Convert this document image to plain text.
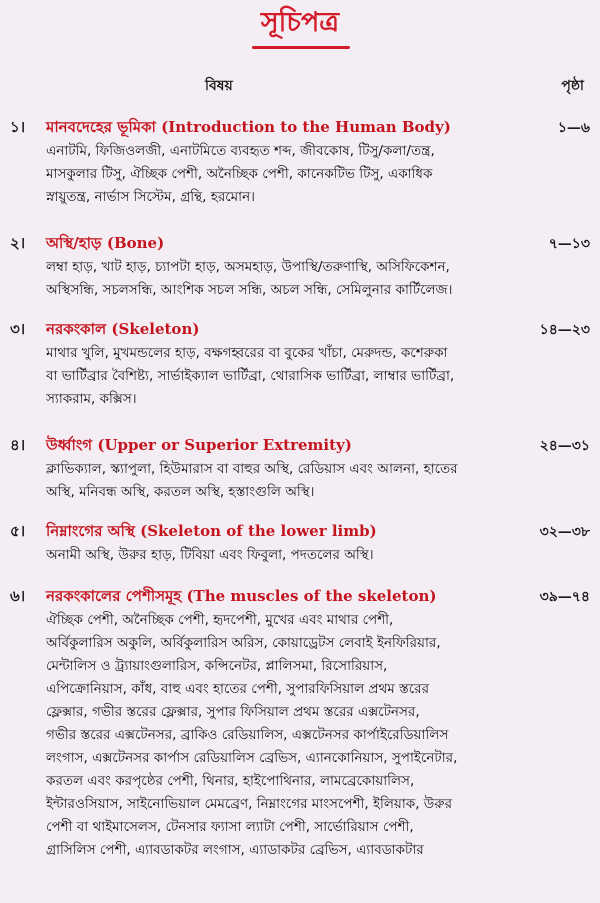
সূচিপত্র
বিষয়	পৃষ্ঠা
১।	মানবদেহের ভূমিকা (Introduction to the Human Body)	১—৬
এনাটমি, ফিজিওলজী, এনাটমিতে ব্যবহৃত শব্দ, জীবকোষ, টিসু/কলা/তন্ত্র,
মাসকুলার টিসু, ঐচ্ছিক পেশী, অনৈচ্ছিক পেশী, কানেকটিভ টিসু, একাধিক
স্নায়ুতন্ত্র, নার্ভাস সিস্টেম, গ্রন্থি, হরমোন।
২।	অস্থি/হাড় (Bone)	৭—১৩
লম্বা হাড়, খাট হাড়, চ্যাপটা হাড়, অসমহাড়, উপাস্থি/তরুণাস্থি, অসিফিকেশন,
অস্থিসন্ধি, সচলসন্ধি, আংশিক সচল সন্ধি, অচল সন্ধি, সেমিলুনার কার্টিলেজ।
৩।	নরকংকাল (Skeleton)	১৪—২৩
মাথার খুলি, মুখমন্ডলের হাড়, বক্ষগহ্বরের বা বুকের খাঁচা, মেরুদন্ড, কশেরুকা
বা ভার্টিব্রার বৈশিষ্ট্য, সার্ভাইক্যাল ভার্টিব্রা, থোরাসিক ভার্টিব্রা, লাম্বার ভার্টিব্রা,
স্যাকরাম, কক্সিস।
৪।	উর্ধ্বাংগ (Upper or Superior Extremity)	২৪—৩১
ক্লাভিক্যাল, স্ক্যাপুলা, হিউমারাস বা বাহুর অস্থি, রেডিয়াস এবং আলনা, হাতের
অস্থি, মনিবন্ধ অস্থি, করতল অস্থি, হস্তাংগুলি অস্থি।
৫।	নিম্নাংগের অস্থি (Skeleton of the lower limb)	৩২—৩৮
অনামী অস্থি, উরুর হাড়, টিবিয়া এবং ফিবুলা, পদতলের অস্থি।
৬।	নরকংকালের পেশীসমূহ (The muscles of the skeleton)	৩৯—৭৪
ঐচ্ছিক পেশী, অনৈচ্ছিক পেশী, হৃদপেশী, মুখের এবং মাথার পেশী,
অর্বিকুলারিস অকুলি, অর্বিকুলারিস অরিস, কোয়াড্রেটস লেবাই ইনফিরিয়ার,
মেন্টালিস ও ট্র্যায়াংগুলারিস, কন্সিনেটর, প্লালিসমা, রিসোরিয়াস,
এপিক্রোনিয়াস, কাঁধ, বাহু এবং হাতের পেশী, সুপারফিসিয়াল প্রথম স্তরের
ফ্লেক্সার, গভীর স্তরের ফ্লেক্সার, সুপার ফিসিয়াল প্রথম স্তরের এক্সটেনসর,
গভীর স্তরের এক্সটেনসর, ব্রাকিও রেডিয়ালিস, এক্সটেনসর কার্পাইরেডিয়ালিস
লংগাস, এক্সটেনসর কার্পাস রেডিয়ালিস ব্রেভিস, এ্যানকোনিয়াস, সুপাইনেটার,
করতল এবং করপৃষ্ঠের পেশী, থিনার, হাইপোথিনার, লামব্রেকোয়ালিস,
ইন্টারওসিয়াস, সাইনোভিয়াল মেমব্রেণ, নিম্নাংগের মাংসপেশী, ইলিয়াক, উরুর
পেশী বা থাইমাসেলস, টেনসার ফ্যাসা ল্যাটা পেশী, সার্ভোরিয়াস পেশী,
গ্রাসিলিস পেশী, এ্যাবডাকটর লংগাস, এ্যাডাকটর ব্রেভিস, এ্যাবডাকটার
